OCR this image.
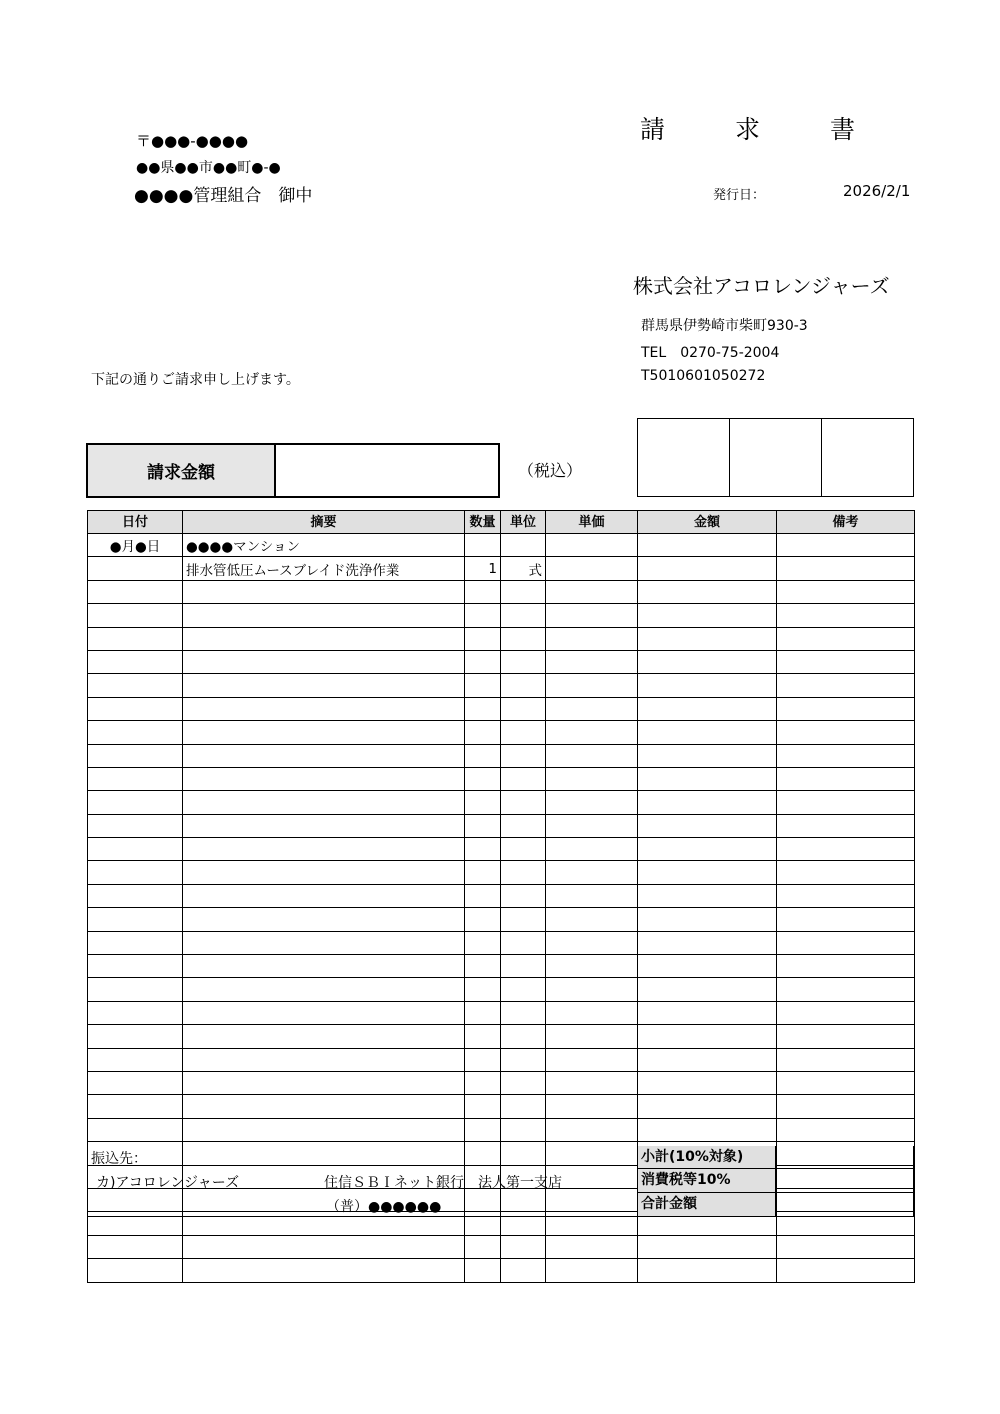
〒●●●-●●●●
●●県●●市●●町●-●
●●●●管理組合　御中
請求書
発行日：	2026/2/1
株式会社アコロレンジャーズ
群馬県伊勢崎市柴町930-3
TEL　0270-75-2004
T5010601050272
下記の通りご請求申し上げます。
請求金額	（税込）
日付	摘要	数量	単位	単価	金額	備考
●月●日	●●●●マンション					
	排水管低圧ムースブレイド洗浄作業	1	式			

振込先：
カ)アコロレンジャーズ	住信ＳＢＩネット銀行　法人第一支店
（普）●●●●●●
小計(10%対象)
消費税等10%
合計金額
